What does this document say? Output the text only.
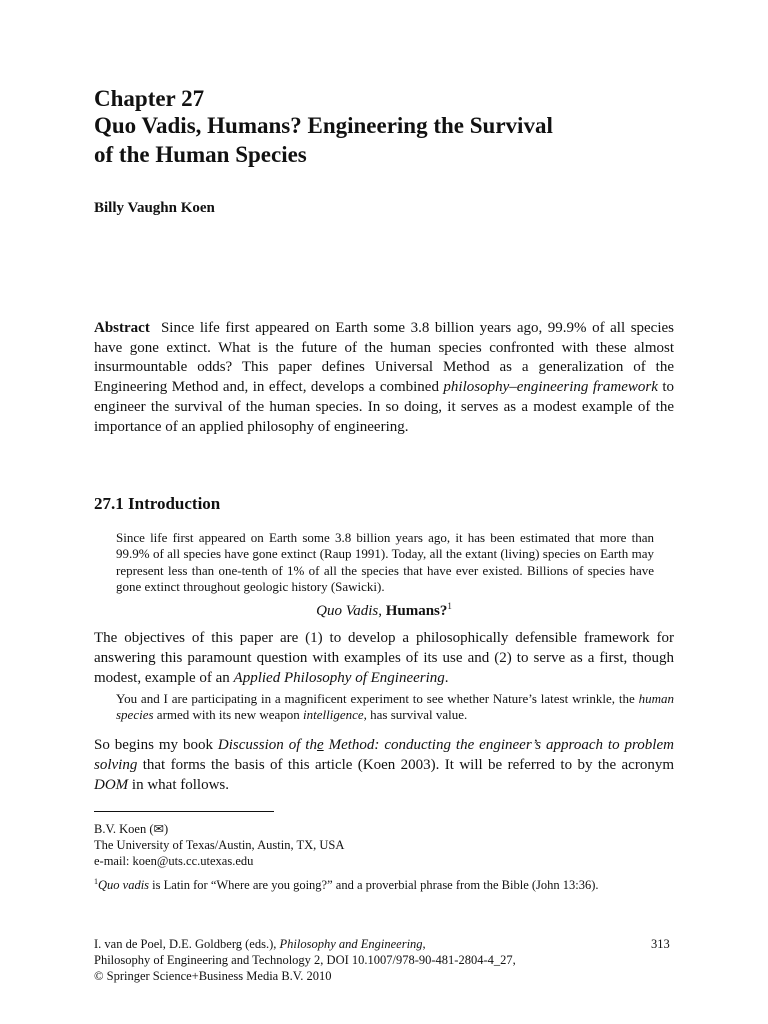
Chapter 27
Quo Vadis, Humans? Engineering the Survival
of the Human Species
Billy Vaughn Koen
Abstract Since life first appeared on Earth some 3.8 billion years ago, 99.9% of all species have gone extinct. What is the future of the human species confronted with these almost insurmountable odds? This paper defines Universal Method as a generalization of the Engineering Method and, in effect, develops a combined philosophy–engineering framework to engineer the survival of the human species. In so doing, it serves as a modest example of the importance of an applied philosophy of engineering.
27.1 Introduction
Since life first appeared on Earth some 3.8 billion years ago, it has been estimated that more than 99.9% of all species have gone extinct (Raup 1991). Today, all the extant (living) species on Earth may represent less than one-tenth of 1% of all the species that have ever existed. Billions of species have gone extinct throughout geologic history (Sawicki).
Quo Vadis, Humans?$^1$
The objectives of this paper are (1) to develop a philosophically defensible framework for answering this paramount question with examples of its use and (2) to serve as a first, though modest, example of an Applied Philosophy of Engineering.
You and I are participating in a magnificent experiment to see whether Nature’s latest wrinkle, the human species armed with its new weapon intelligence, has survival value.
So begins my book Discussion of the Method: conducting the engineer’s approach to problem solving that forms the basis of this article (Koen 2003). It will be referred to by the acronym DOM in what follows.
B.V. Koen (✉)
The University of Texas/Austin, Austin, TX, USA
e-mail: koen@uts.cc.utexas.edu
$^1$Quo vadis is Latin for “Where are you going?” and a proverbial phrase from the Bible (John 13:36).
I. van de Poel, D.E. Goldberg (eds.), Philosophy and Engineering,
Philosophy of Engineering and Technology 2, DOI 10.1007/978-90-481-2804-4_27,
© Springer Science+Business Media B.V. 2010
313
